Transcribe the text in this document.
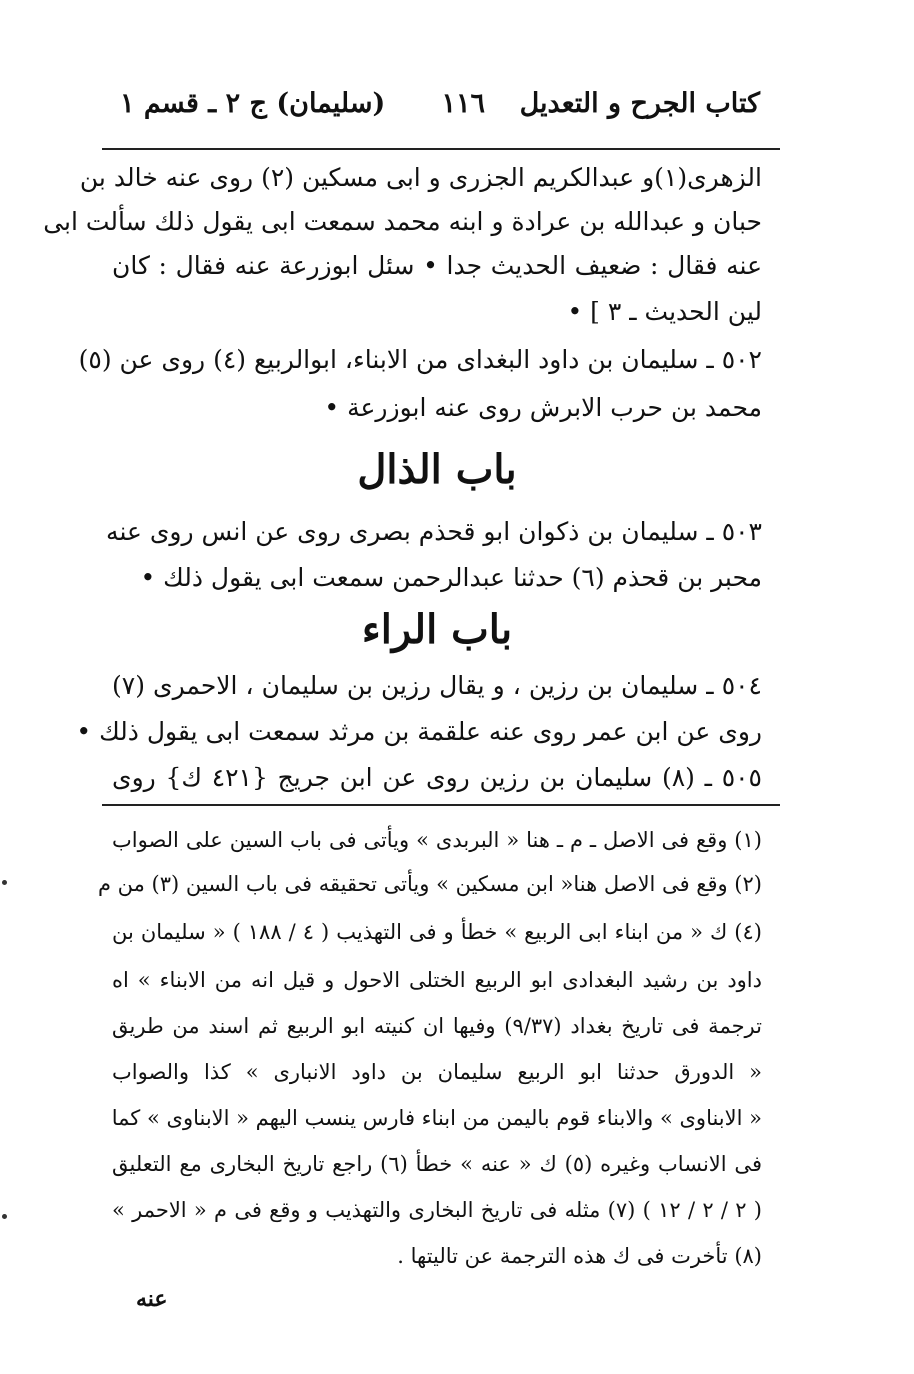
كتاب الجرح و التعديل
١١٦
(سليمان) ج ٢ ـ قسم ١
الزهرى(١)و عبدالكريم الجزرى و ابى مسكين (٢) روى عنه خالد بن
حبان و عبدالله بن عرادة و ابنه محمد سمعت ابى يقول ذلك سألت ابى
عنه فقال : ضعيف الحديث جدا • سئل ابوزرعة عنه فقال : كان
لين الحديث ـ ٣ ] •
٥٠٢ ـ سليمان بن داود البغداى من الابناء، ابوالربيع (٤) روى عن (٥)
محمد بن حرب الابرش روى عنه ابوزرعة •
باب الذال
٥٠٣ ـ سليمان بن ذكوان ابو قحذم بصرى روى عن انس روى عنه
محبر بن قحذم (٦) حدثنا عبدالرحمن سمعت ابى يقول ذلك •
باب الراء
٥٠٤ ـ سليمان بن رزين ، و يقال رزين بن سليمان ، الاحمرى (٧)
روى عن ابن عمر روى عنه علقمة بن مرثد سمعت ابى يقول ذلك •
٥٠٥ ـ (٨) سليمان بن رزين روى عن ابن جريج {٤٢١ ك} روى
(١) وقع فى الاصل ـ م ـ هنا « البربدى » ويأتى فى باب السين على الصواب
(٢) وقع فى الاصل هنا« ابن مسكين » ويأتى تحقيقه فى باب السين (٣) من م
(٤) ك « من ابناء ابى الربيع » خطأ و فى التهذيب ( ٤ / ١٨٨ ) « سليمان بن
داود بن رشيد البغدادى ابو الربيع الختلى الاحول و قيل انه من الابناء » اه
ترجمة فى تاريخ بغداد (٩/٣٧) وفيها ان كنيته ابو الربيع ثم اسند من طريق
« الدورق حدثنا ابو الربيع سليمان بن داود الانبارى » كذا والصواب
« الابناوى » والابناء قوم باليمن من ابناء فارس ينسب اليهم « الابناوى » كما
فى الانساب وغيره (٥) ك « عنه » خطأ (٦) راجع تاريخ البخارى مع التعليق
( ٢ / ٢ / ١٢ ) (٧) مثله فى تاريخ البخارى والتهذيب و وقع فى م « الاحمر »
(٨) تأخرت فى ك هذه الترجمة عن تاليتها .
عنه
